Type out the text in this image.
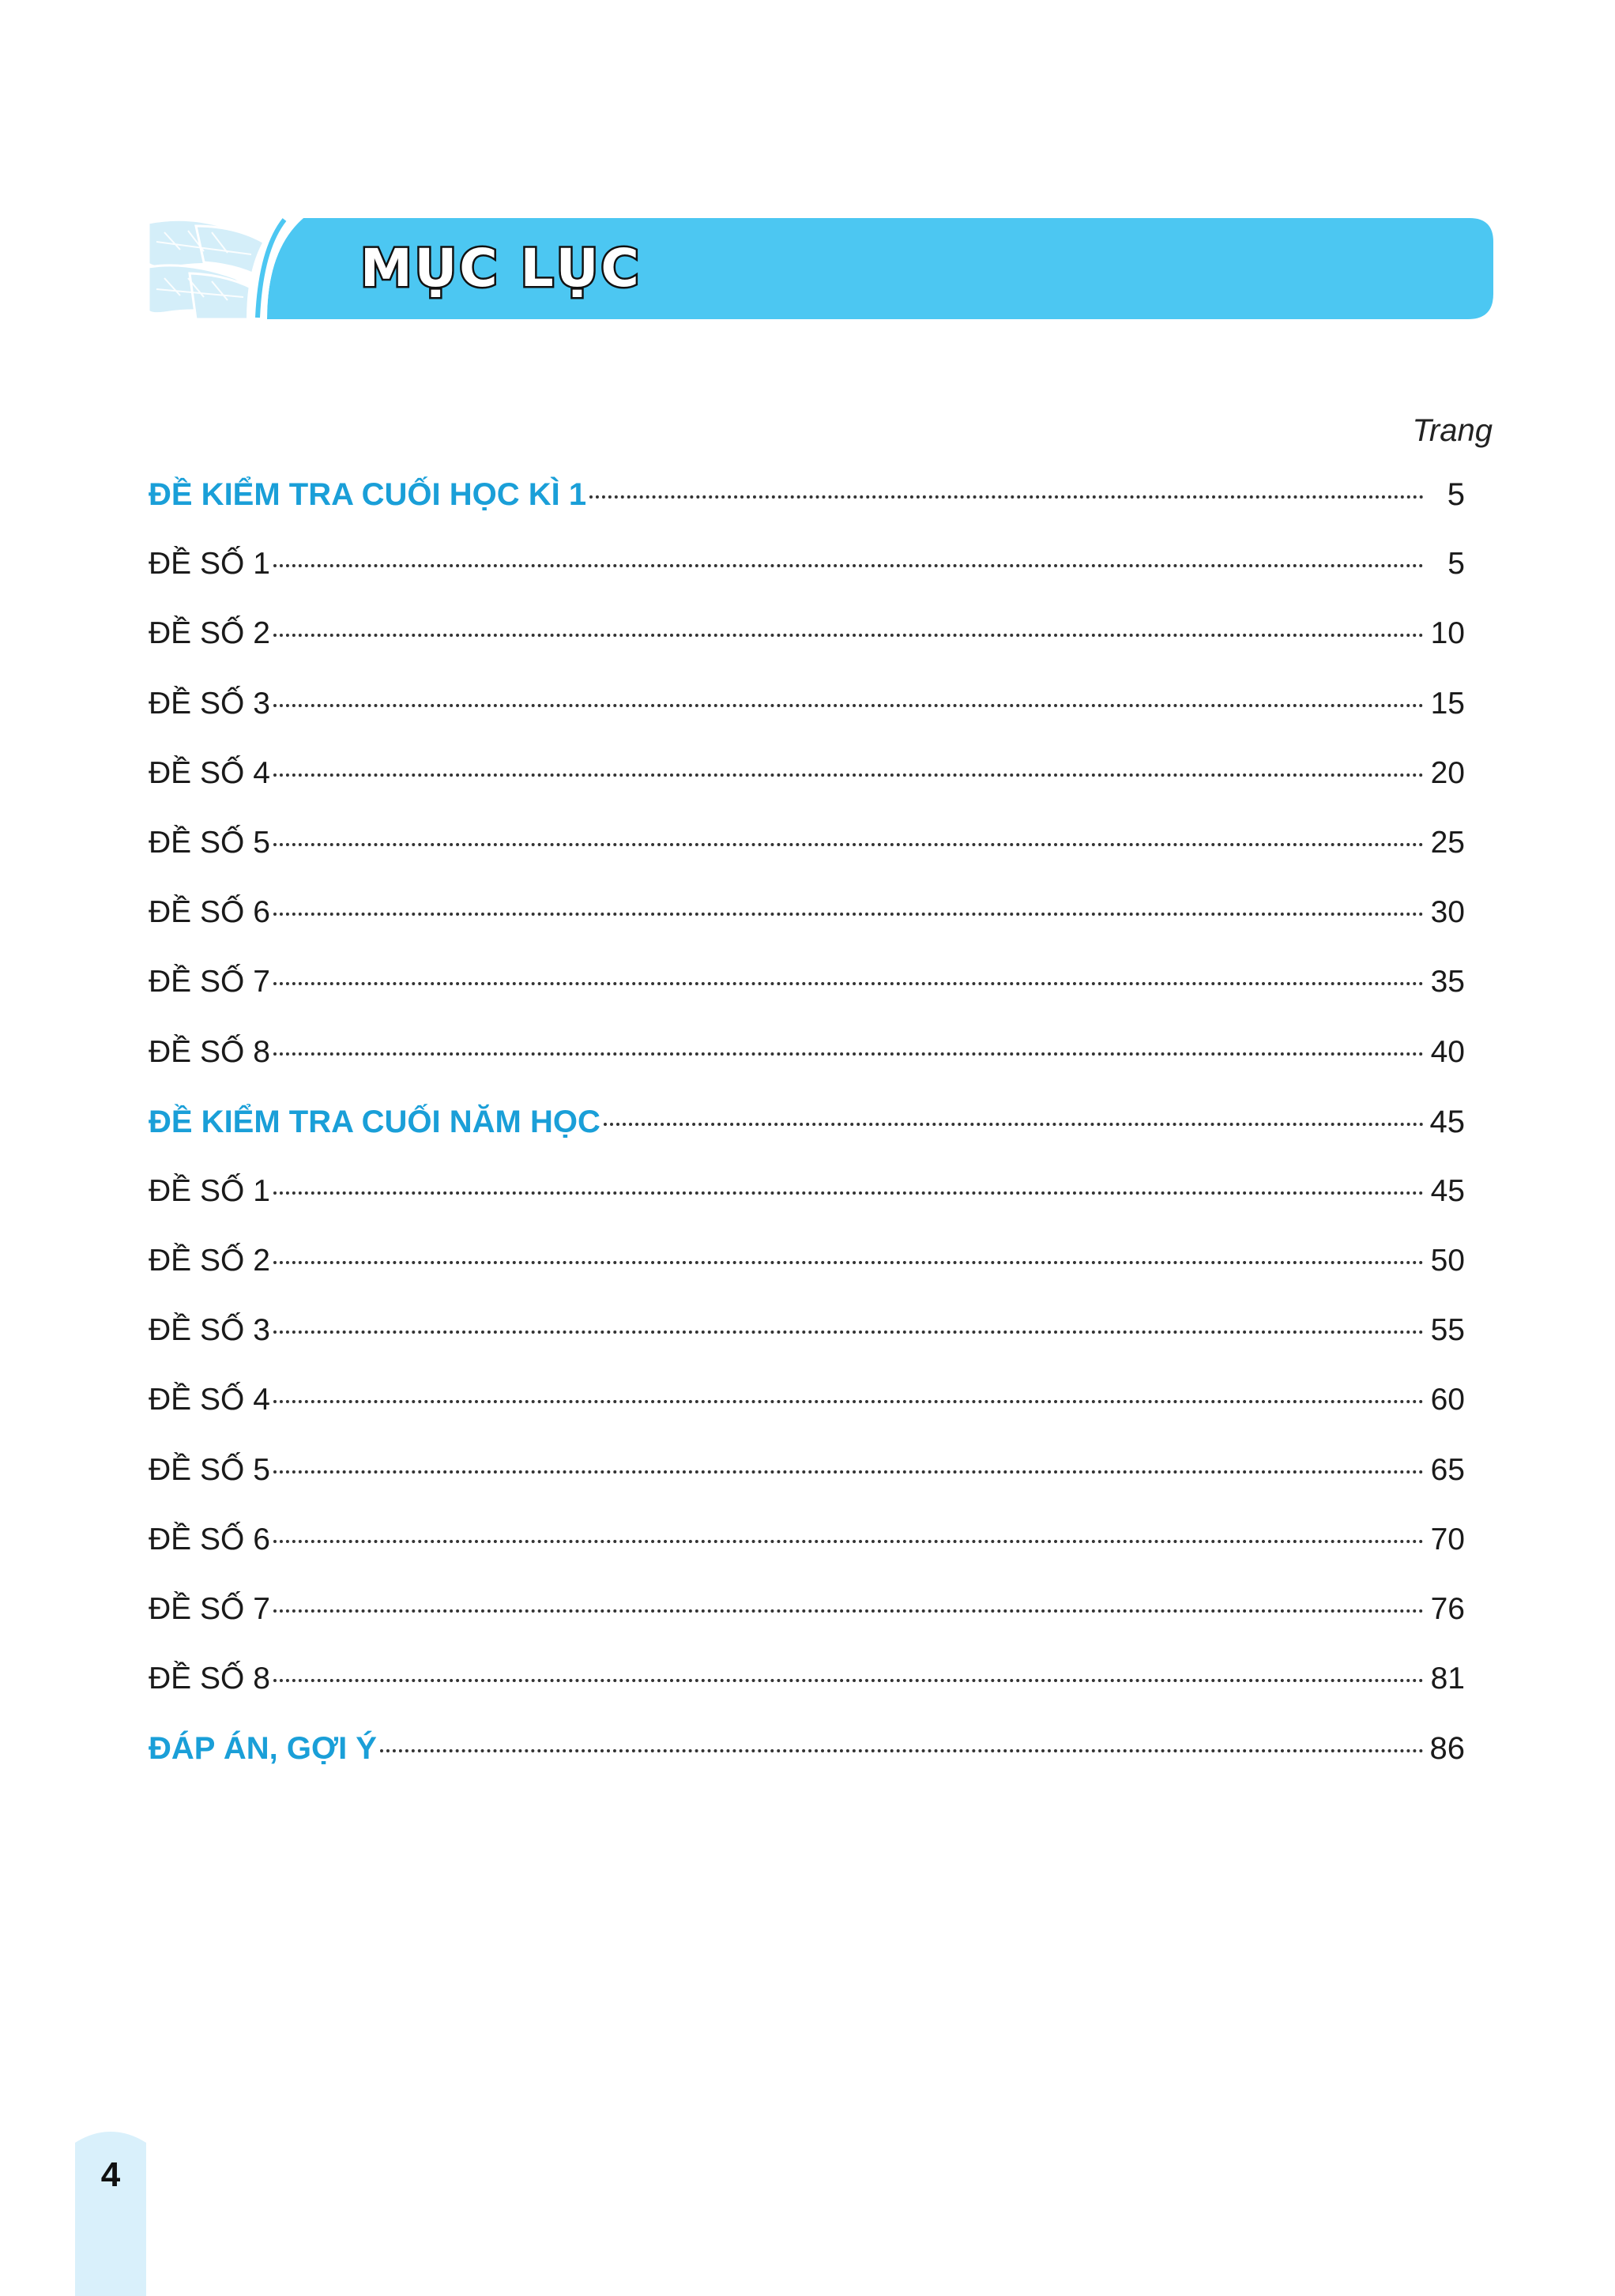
MỤC LỤC
Trang
ĐỀ KIỂM TRA CUỐI HỌC KÌ 1	5
ĐỀ SỐ 1	5
ĐỀ SỐ 2	10
ĐỀ SỐ 3	15
ĐỀ SỐ 4	20
ĐỀ SỐ 5	25
ĐỀ SỐ 6	30
ĐỀ SỐ 7	35
ĐỀ SỐ 8	40
ĐỀ KIỂM TRA CUỐI NĂM HỌC	45
ĐỀ SỐ 1	45
ĐỀ SỐ 2	50
ĐỀ SỐ 3	55
ĐỀ SỐ 4	60
ĐỀ SỐ 5	65
ĐỀ SỐ 6	70
ĐỀ SỐ 7	76
ĐỀ SỐ 8	81
ĐÁP ÁN, GỢI Ý	86
4
